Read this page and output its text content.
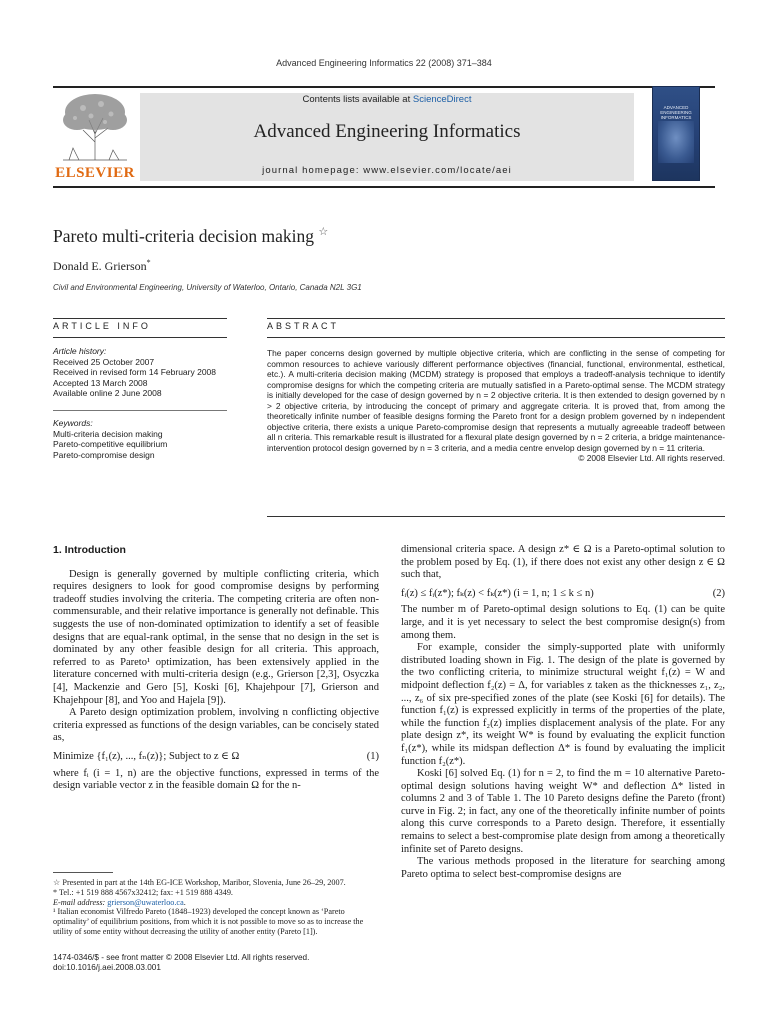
Advanced Engineering Informatics 22 (2008) 371–384
ELSEVIER
Contents lists available at ScienceDirect
Advanced Engineering Informatics
journal homepage: www.elsevier.com/locate/aei
ADVANCED ENGINEERING INFORMATICS
Pareto multi-criteria decision making ☆
Donald E. Grierson*
Civil and Environmental Engineering, University of Waterloo, Ontario, Canada N2L 3G1
ARTICLE INFO
Article history:
Received 25 October 2007
Received in revised form 14 February 2008
Accepted 13 March 2008
Available online 2 June 2008
Keywords:
Multi-criteria decision making
Pareto-competitive equilibrium
Pareto-compromise design
ABSTRACT
The paper concerns design governed by multiple objective criteria, which are conflicting in the sense of competing for common resources to achieve variously different performance objectives (financial, functional, environmental, esthetical, etc.). A multi-criteria decision making (MCDM) strategy is proposed that employs a tradeoff-analysis technique to identify compromise designs for which the competing criteria are mutually satisfied in a Pareto-optimal sense. The MCDM strategy is initially developed for the case of design governed by n = 2 objective criteria. It is then extended to design governed by n > 2 objective criteria, by introducing the concept of primary and aggregate criteria. It is proved that, from among the theoretically infinite number of feasible designs forming the Pareto front for a design problem governed by n independent objective criteria, there exists a unique Pareto-compromise design that represents a mutually agreeable tradeoff between all n criteria. This remarkable result is illustrated for a flexural plate design governed by n = 2 criteria, a bridge maintenance-intervention protocol design governed by n = 3 criteria, and a media centre envelop design governed by n = 11 criteria.
© 2008 Elsevier Ltd. All rights reserved.
1. Introduction

Design is generally governed by multiple conflicting criteria, which requires designers to look for good compromise designs by performing tradeoff studies involving the criteria. The competing criteria are often non-commensurable, and their relative importance is generally not definable. This suggests the use of non-dominated optimization to identify a set of feasible designs that are equal-rank optimal, in the sense that no design in the set is dominated by any other feasible design for all criteria. This approach, referred to as Pareto¹ optimization, has been extensively applied in the literature concerned with multi-criteria design (e.g., Grierson [2,3], Osyczka [4], Mackenzie and Gero [5], Koski [6], Khajehpour [7], Grierson and Khajehpour [8], and Yoo and Hajela [9]).

A Pareto design optimization problem, involving n conflicting objective criteria expressed as functions of the design variables, can be concisely stated as,

Minimize {f₁(z), ..., fₙ(z)}; Subject to z ∈ Ω	(1)

where fᵢ (i = 1, n) are the objective functions, expressed in terms of the design variable vector z in the feasible domain Ω for the n-

☆ Presented in part at the 14th EG-ICE Workshop, Maribor, Slovenia, June 26–29, 2007.

* Tel.: +1 519 888 4567x32412; fax: +1 519 888 4349.

E-mail address: grierson@uwaterloo.ca.

¹ Italian economist Vilfredo Pareto (1848–1923) developed the concept known as ‘Pareto optimality’ of equilibrium positions, from which it is not possible to move so as to increase the utility of some entity without decreasing the utility of another entity (Pareto [1]).

1474-0346/$ - see front matter © 2008 Elsevier Ltd. All rights reserved.
doi:10.1016/j.aei.2008.03.001

dimensional criteria space. A design z* ∈ Ω is a Pareto-optimal solution to the problem posed by Eq. (1), if there does not exist any other design z ∈ Ω such that,

fᵢ(z) ≤ fᵢ(z*); fₖ(z) < fₖ(z*) (i = 1, n; 1 ≤ k ≤ n)	(2)

The number m of Pareto-optimal design solutions to Eq. (1) can be quite large, and it is yet necessary to select the best compromise design(s) from among them.

For example, consider the simply-supported plate with uniformly distributed loading shown in Fig. 1. The design of the plate is governed by the two conflicting criteria, to minimize structural weight f₁(z) = W and midpoint deflection f₂(z) = Δ, for variables z taken as the thicknesses z₁, z₂, ..., z₆ of six pre-specified zones of the plate (see Koski [6] for details). The function f₁(z) is expressed explicitly in terms of the properties of the plate, while the function f₂(z) implies displacement analysis of the plate. For any plate design z*, its weight W* is found by evaluating the explicit function f₁(z*), while its midspan deflection Δ* is found by evaluating the implicit function f₂(z*).

Koski [6] solved Eq. (1) for n = 2, to find the m = 10 alternative Pareto-optimal design solutions having weight W* and deflection Δ* listed in columns 2 and 3 of Table 1. The 10 Pareto designs define the Pareto (front) curve in Fig. 2; in fact, any one of the theoretically infinite number of points along this curve corresponds to a Pareto design. Therefore, it essentially remains to select a best-compromise plate design from among a theoretically infinite set of Pareto designs.

The various methods proposed in the literature for searching among Pareto optima to select best-compromise designs are
